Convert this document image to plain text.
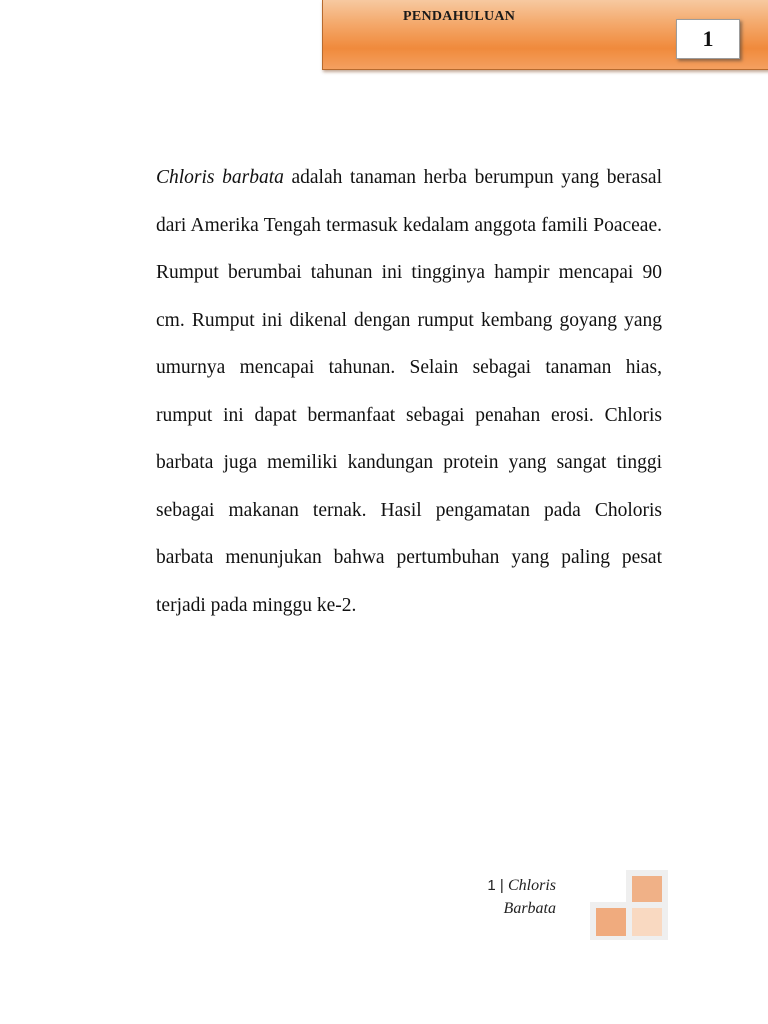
PENDAHULUAN
1

Chloris barbata adalah tanaman herba berumpun yang berasal dari Amerika Tengah termasuk kedalam anggota famili Poaceae. Rumput berumbai tahunan ini tingginya hampir mencapai 90 cm. Rumput ini dikenal dengan rumput kembang goyang yang umurnya mencapai tahunan. Selain sebagai tanaman hias, rumput ini dapat bermanfaat sebagai penahan erosi. Chloris barbata juga memiliki kandungan protein yang sangat tinggi sebagai makanan ternak. Hasil pengamatan pada Choloris barbata menunjukan bahwa pertumbuhan yang paling pesat terjadi pada minggu ke-2.

1 | Chloris
Barbata
